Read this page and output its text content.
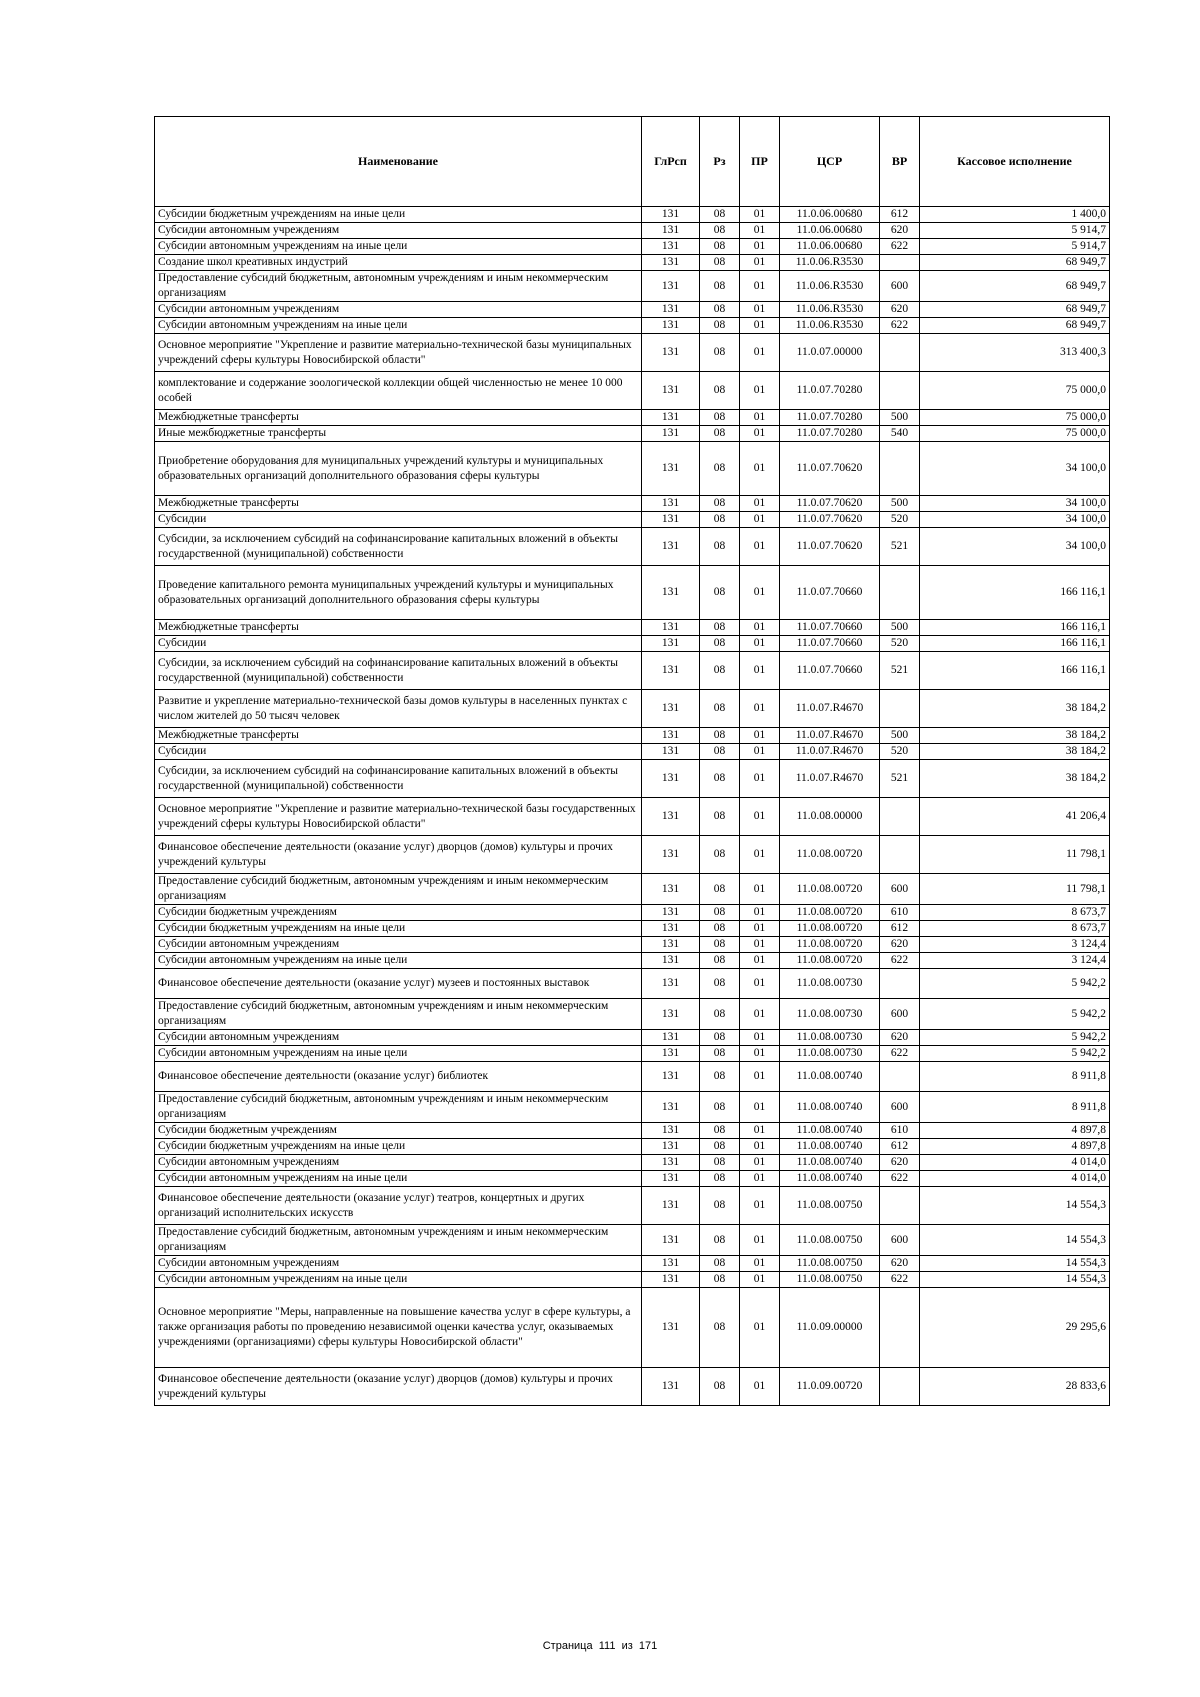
Наименование	ГлРсп	Рз	ПР	ЦСР	ВР	Кассовое исполнение
Субсидии бюджетным учреждениям на иные цели	131	08	01	11.0.06.00680	612	1 400,0
Субсидии автономным учреждениям	131	08	01	11.0.06.00680	620	5 914,7
Субсидии автономным учреждениям на иные цели	131	08	01	11.0.06.00680	622	5 914,7
Создание школ креативных индустрий	131	08	01	11.0.06.R3530		68 949,7
Предоставление субсидий бюджетным, автономным учреждениям и иным некоммерческим организациям	131	08	01	11.0.06.R3530	600	68 949,7
Субсидии автономным учреждениям	131	08	01	11.0.06.R3530	620	68 949,7
Субсидии автономным учреждениям на иные цели	131	08	01	11.0.06.R3530	622	68 949,7
Основное мероприятие "Укрепление и развитие материально-технической базы муниципальных учреждений сферы культуры Новосибирской области"	131	08	01	11.0.07.00000		313 400,3
комплектование и содержание зоологической коллекции общей численностью не менее 10 000 особей	131	08	01	11.0.07.70280		75 000,0
Межбюджетные трансферты	131	08	01	11.0.07.70280	500	75 000,0
Иные межбюджетные трансферты	131	08	01	11.0.07.70280	540	75 000,0
Приобретение оборудования для муниципальных учреждений культуры и муниципальных образовательных организаций дополнительного образования сферы культуры	131	08	01	11.0.07.70620		34 100,0
Межбюджетные трансферты	131	08	01	11.0.07.70620	500	34 100,0
Субсидии	131	08	01	11.0.07.70620	520	34 100,0
Субсидии, за исключением субсидий на софинансирование капитальных вложений в объекты государственной (муниципальной) собственности	131	08	01	11.0.07.70620	521	34 100,0
Проведение капитального ремонта муниципальных учреждений культуры и муниципальных образовательных организаций дополнительного образования сферы культуры	131	08	01	11.0.07.70660		166 116,1
Межбюджетные трансферты	131	08	01	11.0.07.70660	500	166 116,1
Субсидии	131	08	01	11.0.07.70660	520	166 116,1
Субсидии, за исключением субсидий на софинансирование капитальных вложений в объекты государственной (муниципальной) собственности	131	08	01	11.0.07.70660	521	166 116,1
Развитие и укрепление материально-технической базы домов культуры в населенных пунктах с числом жителей до 50 тысяч человек	131	08	01	11.0.07.R4670		38 184,2
Межбюджетные трансферты	131	08	01	11.0.07.R4670	500	38 184,2
Субсидии	131	08	01	11.0.07.R4670	520	38 184,2
Субсидии, за исключением субсидий на софинансирование капитальных вложений в объекты государственной (муниципальной) собственности	131	08	01	11.0.07.R4670	521	38 184,2
Основное мероприятие "Укрепление и развитие материально-технической базы государственных учреждений сферы культуры Новосибирской области"	131	08	01	11.0.08.00000		41 206,4
Финансовое обеспечение деятельности (оказание услуг) дворцов (домов) культуры и прочих учреждений культуры	131	08	01	11.0.08.00720		11 798,1
Предоставление субсидий бюджетным, автономным учреждениям и иным некоммерческим организациям	131	08	01	11.0.08.00720	600	11 798,1
Субсидии бюджетным учреждениям	131	08	01	11.0.08.00720	610	8 673,7
Субсидии бюджетным учреждениям на иные цели	131	08	01	11.0.08.00720	612	8 673,7
Субсидии автономным учреждениям	131	08	01	11.0.08.00720	620	3 124,4
Субсидии автономным учреждениям на иные цели	131	08	01	11.0.08.00720	622	3 124,4
Финансовое обеспечение деятельности (оказание услуг) музеев и постоянных выставок	131	08	01	11.0.08.00730		5 942,2
Предоставление субсидий бюджетным, автономным учреждениям и иным некоммерческим организациям	131	08	01	11.0.08.00730	600	5 942,2
Субсидии автономным учреждениям	131	08	01	11.0.08.00730	620	5 942,2
Субсидии автономным учреждениям на иные цели	131	08	01	11.0.08.00730	622	5 942,2
Финансовое обеспечение деятельности (оказание услуг) библиотек	131	08	01	11.0.08.00740		8 911,8
Предоставление субсидий бюджетным, автономным учреждениям и иным некоммерческим организациям	131	08	01	11.0.08.00740	600	8 911,8
Субсидии бюджетным учреждениям	131	08	01	11.0.08.00740	610	4 897,8
Субсидии бюджетным учреждениям на иные цели	131	08	01	11.0.08.00740	612	4 897,8
Субсидии автономным учреждениям	131	08	01	11.0.08.00740	620	4 014,0
Субсидии автономным учреждениям на иные цели	131	08	01	11.0.08.00740	622	4 014,0
Финансовое обеспечение деятельности (оказание услуг) театров, концертных и других организаций исполнительских искусств	131	08	01	11.0.08.00750		14 554,3
Предоставление субсидий бюджетным, автономным учреждениям и иным некоммерческим организациям	131	08	01	11.0.08.00750	600	14 554,3
Субсидии автономным учреждениям	131	08	01	11.0.08.00750	620	14 554,3
Субсидии автономным учреждениям на иные цели	131	08	01	11.0.08.00750	622	14 554,3
Основное мероприятие "Меры, направленные на повышение качества услуг в сфере культуры, а также организация работы по проведению независимой оценки качества услуг, оказываемых учреждениями (организациями) сферы культуры Новосибирской области"	131	08	01	11.0.09.00000		29 295,6
Финансовое обеспечение деятельности (оказание услуг) дворцов (домов) культуры и прочих учреждений культуры	131	08	01	11.0.09.00720		28 833,6
Страница 111 из 171
